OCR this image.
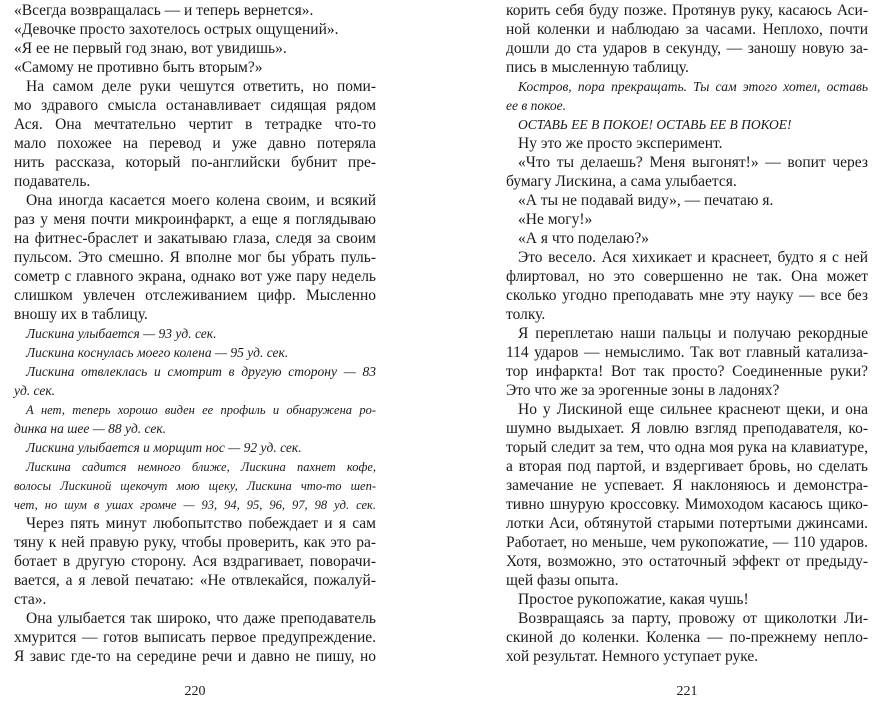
«Всегда возвращалась — и теперь вернется».
«Девочке просто захотелось острых ощущений».
«Я ее не первый год знаю, вот увидишь».
«Самому не противно быть вторым?»
На самом деле руки чешутся ответить, но поми-
мо здравого смысла останавливает сидящая рядом
Ася. Она мечтательно чертит в тетрадке что-то
мало похожее на перевод и уже давно потеряла
нить рассказа, который по-английски бубнит пре-
подаватель.
Она иногда касается моего колена своим, и всякий
раз у меня почти микроинфаркт, а еще я поглядываю
на фитнес-браслет и закатываю глаза, следя за своим
пульсом. Это смешно. Я вполне мог бы убрать пуль-
сометр с главного экрана, однако вот уже пару недель
слишком увлечен отслеживанием цифр. Мысленно
вношу их в таблицу.
Лискина улыбается — 93 уд. сек.
Лискина коснулась моего колена — 95 уд. сек.
Лискина отвлеклась и смотрит в другую сторону — 83
уд. сек.
А нет, теперь хорошо виден ее профиль и обнаружена ро-
динка на шее — 88 уд. сек.
Лискина улыбается и морщит нос — 92 уд. сек.
Лискина садится немного ближе, Лискина пахнет кофе,
волосы Лискиной щекочут мою щеку, Лискина что-то шеп-
чет, но шум в ушах громче — 93, 94, 95, 96, 97, 98 уд. сек.
Через пять минут любопытство побеждает и я сам
тяну к ней правую руку, чтобы проверить, как это ра-
ботает в другую сторону. Ася вздрагивает, поворачи-
вается, а я левой печатаю: «Не отвлекайся, пожалуй-
ста».
Она улыбается так широко, что даже преподаватель
хмурится — готов выписать первое предупреждение.
Я завис где-то на середине речи и давно не пишу, но
220
корить себя буду позже. Протянув руку, касаюсь Аси-
ной коленки и наблюдаю за часами. Неплохо, почти
дошли до ста ударов в секунду, — заношу новую за-
пись в мысленную таблицу.
Костров, пора прекращать. Ты сам этого хотел, оставь
ее в покое.
ОСТАВЬ ЕЕ В ПОКОЕ! ОСТАВЬ ЕЕ В ПОКОЕ!
Ну это же просто эксперимент.
«Что ты делаешь? Меня выгонят!» — вопит через
бумагу Лискина, а сама улыбается.
«А ты не подавай виду», — печатаю я.
«Не могу!»
«А я что поделаю?»
Это весело. Ася хихикает и краснеет, будто я с ней
флиртовал, но это совершенно не так. Она может
сколько угодно преподавать мне эту науку — все без
толку.
Я переплетаю наши пальцы и получаю рекордные
114 ударов — немыслимо. Так вот главный катализа-
тор инфаркта! Вот так просто? Соединенные руки?
Это что же за эрогенные зоны в ладонях?
Но у Лискиной еще сильнее краснеют щеки, и она
шумно выдыхает. Я ловлю взгляд преподавателя, ко-
торый следит за тем, что одна моя рука на клавиатуре,
а вторая под партой, и вздергивает бровь, но сделать
замечание не успевает. Я наклоняюсь и демонстра-
тивно шнурую кроссовку. Мимоходом касаюсь щико-
лотки Аси, обтянутой старыми потертыми джинсами.
Работает, но меньше, чем рукопожатие, — 110 ударов.
Хотя, возможно, это остаточный эффект от предыду-
щей фазы опыта.
Простое рукопожатие, какая чушь!
Возвращаясь за парту, провожу от щиколотки Ли-
скиной до коленки. Коленка — по-прежнему непло-
хой результат. Немного уступает руке.
221
